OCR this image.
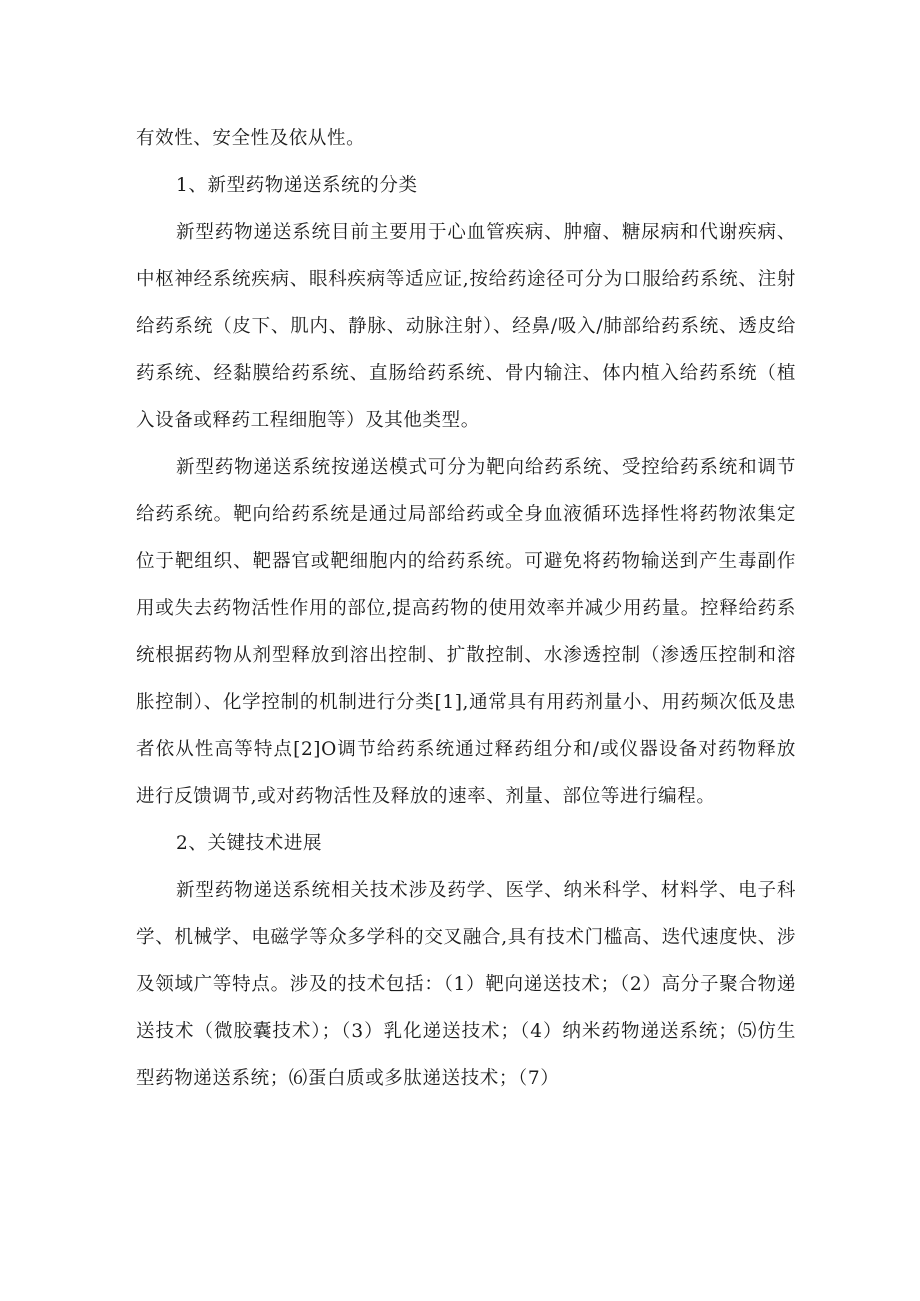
有效性、安全性及依从性。

1、新型药物递送系统的分类

新型药物递送系统目前主要用于心血管疾病、肿瘤、糖尿病和代谢疾病、中枢神经系统疾病、眼科疾病等适应证,按给药途径可分为口服给药系统、注射给药系统（皮下、肌内、静脉、动脉注射）、经鼻/吸入/肺部给药系统、透皮给药系统、经黏膜给药系统、直肠给药系统、骨内输注、体内植入给药系统（植入设备或释药工程细胞等）及其他类型。

新型药物递送系统按递送模式可分为靶向给药系统、受控给药系统和调节给药系统。靶向给药系统是通过局部给药或全身血液循环选择性将药物浓集定位于靶组织、靶器官或靶细胞内的给药系统。可避免将药物输送到产生毒副作用或失去药物活性作用的部位,提高药物的使用效率并减少用药量。控释给药系统根据药物从剂型释放到溶出控制、扩散控制、水渗透控制（渗透压控制和溶胀控制）、化学控制的机制进行分类[1],通常具有用药剂量小、用药频次低及患者依从性高等特点[2]O调节给药系统通过释药组分和/或仪器设备对药物释放进行反馈调节,或对药物活性及释放的速率、剂量、部位等进行编程。

2、关键技术进展

新型药物递送系统相关技术涉及药学、医学、纳米科学、材料学、电子科学、机械学、电磁学等众多学科的交叉融合,具有技术门槛高、迭代速度快、涉及领域广等特点。涉及的技术包括：（1）靶向递送技术；（2）高分子聚合物递送技术（微胶囊技术）；（3）乳化递送技术；（4）纳米药物递送系统；⑸仿生型药物递送系统；⑹蛋白质或多肽递送技术；（7）
